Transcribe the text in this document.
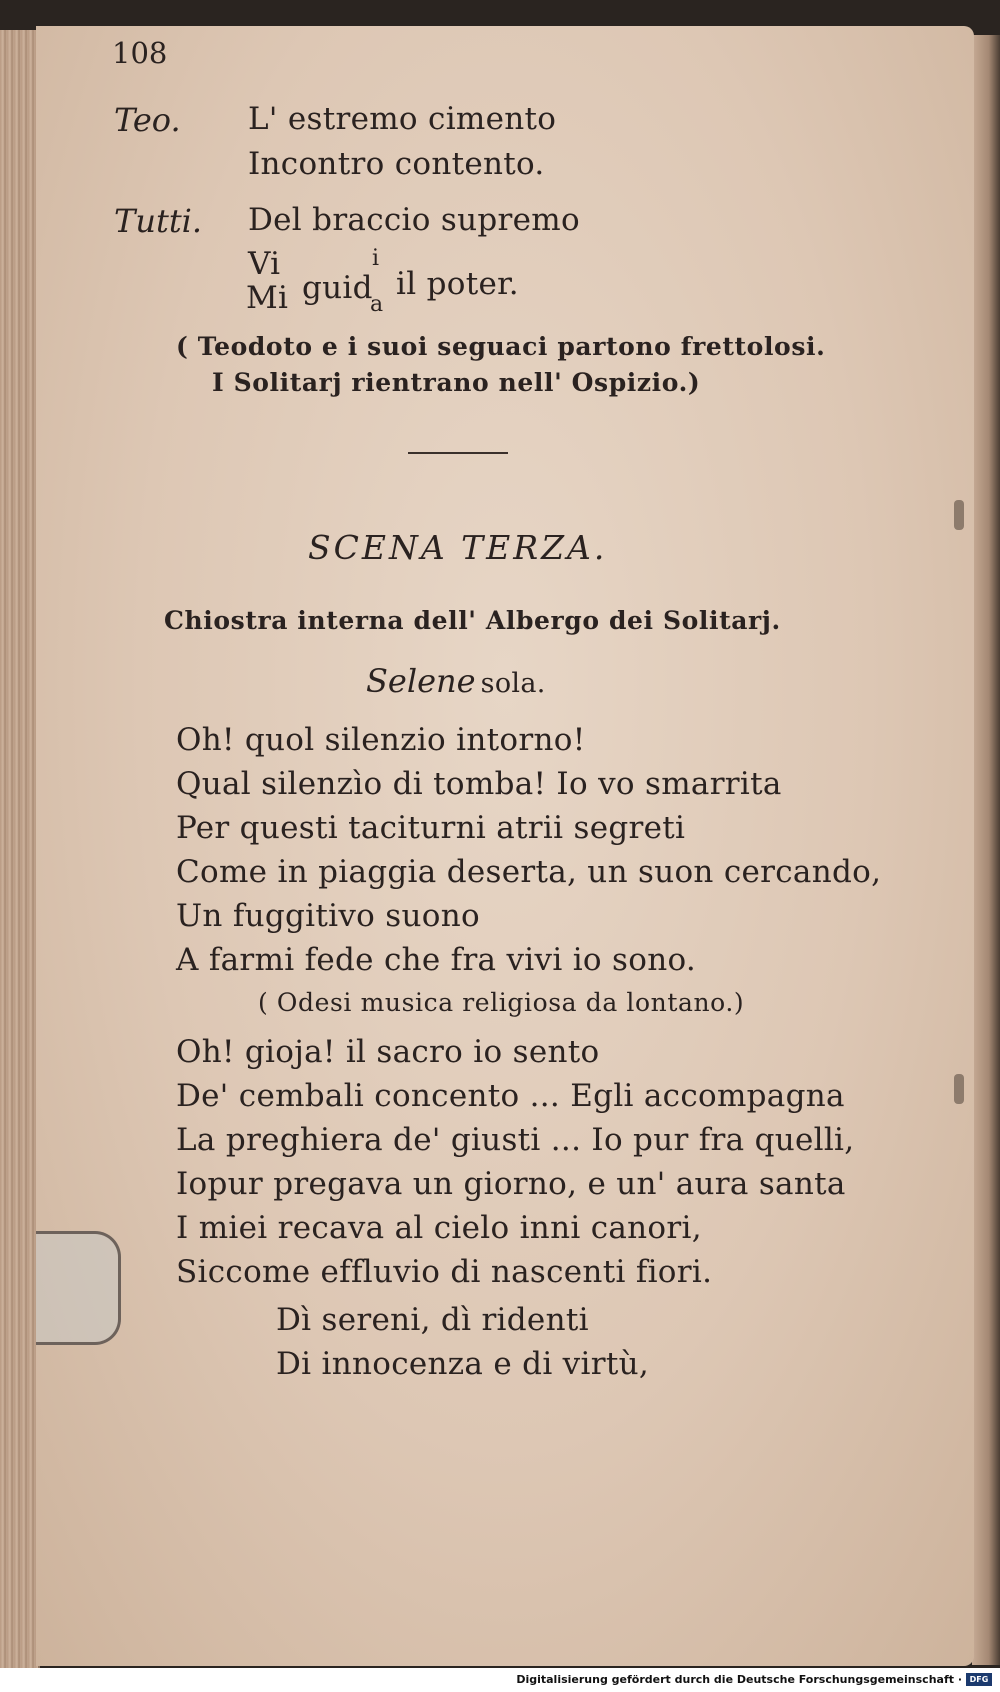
108
Teo. L' estremo cimento
Incontro contento.
Tutti. Del braccio supremo
Vi
Mi guid
i
a
il poter.
( Teodoto e i suoi seguaci partono frettolosi.
I Solitarj rientrano nell' Ospizio.)
SCENA TERZA.
Chiostra interna dell' Albergo dei Solitarj.
Selene sola.
Oh! quol silenzio intorno!
Qual silenzìo di tomba! Io vo smarrita
Per questi taciturni atrii segreti
Come in piaggia deserta, un suon cercando,
Un fuggitivo suono
A farmi fede che fra vivi io sono.
( Odesi musica religiosa da lontano.)
Oh! gioja! il sacro io sento
De' cembali concento ... Egli accompagna
La preghiera de' giusti ... Io pur fra quelli,
Iopur pregava un giorno, e un' aura santa
I miei recava al cielo inni canori,
Siccome effluvio di nascenti fiori.
Dì sereni, dì ridenti
Di innocenza e di virtù,
Digitalisierung gefördert durch die Deutsche Forschungsgemeinschaft · DFG
